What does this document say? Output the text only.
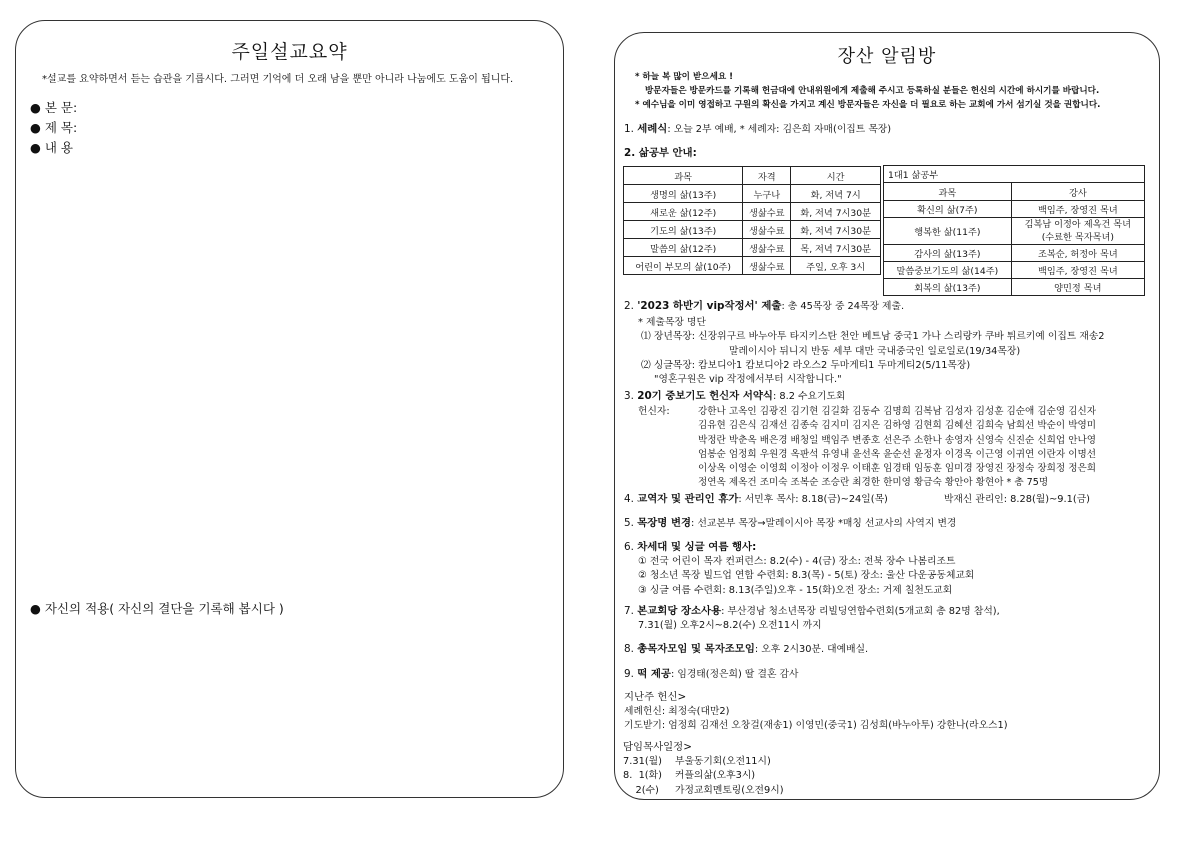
주일설교요약
*설교를 요약하면서 듣는 습관을 기릅시다. 그러면 기억에 더 오래 남을 뿐만 아니라 나눔에도 도움이 됩니다.
● 본 문:
● 제 목:
● 내 용
● 자신의 적용( 자신의 결단을 기록해 봅시다 )
장산 알림방
* 하늘 복 많이 받으세요 !
방문자들은 방문카드를 기록해 헌금대에 안내위원에게 제출해 주시고 등록하실 분들은 헌신의 시간에 하시기를 바랍니다.
* 예수님을 이미 영접하고 구원의 확신을 가지고 계신 방문자들은 자신을 더 필요로 하는 교회에 가서 섬기실 것을 권합니다.
1. 세례식: 오늘 2부 예배, * 세례자: 김은희 자매(이집트 목장)
2. 삶공부 안내:
과목	자격	시간
생명의 삶(13주)	누구나	화, 저녁 7시
새로운 삶(12주)	생삶수료	화, 저녁 7시30분
기도의 삶(13주)	생삶수료	화, 저녁 7시30분
말씀의 삶(12주)	생삶수료	목, 저녁 7시30분
어린이 부모의 삶(10주)	생삶수료	주일, 오후 3시
1대1 삶공부	
과목	강사
확신의 삶(7주)	백임주, 장영진 목녀
행복한 삶(11주)	김복남 이정아 제옥건 목녀
(수료한 목자목녀)
감사의 삶(13주)	조복순, 허정아 목녀
말씀중보기도의 삶(14주)	백임주, 장영진 목녀
회복의 삶(13주)	양민정 목녀
2. '2023 하반기 vip작정서' 제출: 총 45목장 중 24목장 제출.
* 제출목장 명단
⑴ 장년목장: 신장위구르 바누아투 타지키스탄 천안 베트남 중국1 가나 스리랑카 쿠바 튀르키예 이집트 재송2
말레이시아 뒤니지 반동 세부 대만 국내중국인 일로일로(19/34목장)
⑵ 싱글목장: 캄보디아1 캄보디아2 라오스2 두마게티1 두마게티2(5/11목장)
"영혼구원은 vip 작정에서부터 시작합니다."
3. 20기 중보기도 헌신자 서약식: 8.2 수요기도회
헌신자:	강한나 고옥인 김광진 김기현 김길화 김동수 김명희 김복남 김성자 김성훈 김순애 김순영 김신자
김유현 김은식 김재선 김종숙 김지미 김지은 김하영 김현희 김혜선 김희숙 남희선 박순이 박영미
박정란 박춘옥 배은경 배청일 백임주 변종호 선은주 소한나 송영자 신영숙 신진순 신희업 안나영
엄봉순 엄정희 우원경 옥판석 유영내 윤선옥 윤순선 윤정자 이경옥 이근영 이귀연 이란자 이명선
이상옥 이영순 이영희 이정아 이정우 이태훈 임경태 임동훈 임미경 장영진 장정숙 장희정 정은희
정연옥 제옥건 조미숙 조복순 조승란 최경한 한미영 황금숙 황안아 황현아 * 총 75명
4. 교역자 및 관리인 휴가: 서민후 목사: 8.18(금)~24일(목)	박재신 관리인: 8.28(월)~9.1(금)
5. 목장명 변경: 선교본부 목장→말레이시아 목장 *매칭 선교사의 사역지 변경
6. 차세대 및 싱글 여름 행사:
① 전국 어린이 목자 컨퍼런스: 8.2(수) - 4(금) 장소: 전북 장수 나봄리조트
② 청소년 목장 빌드업 연합 수련회: 8.3(목) - 5(토) 장소: 울산 다운공동체교회
③ 싱글 여름 수련회: 8.13(주일)오후 - 15(화)오전 장소: 거제 칠천도교회
7. 본교회당 장소사용: 부산경남 청소년목장 리빌딩연합수련회(5개교회 총 82명 참석),
7.31(월) 오후2시~8.2(수) 오전11시 까지
8. 총목자모임 및 목자조모임: 오후 2시30분. 대예배실.
9. 떡 제공: 임경태(정은희) 딸 결혼 감사
지난주 헌신>
세례헌신: 최정숙(대만2)
기도받기: 엄정희 김재선 오창걸(재송1) 이영민(중국1) 김성희(바누아투) 강한나(라오스1)
담임목사일정>
7.31(월)	부울동기회(오전11시)
8.  1(화)	커플의삶(오후3시)
2(수)	가정교회멘토링(오전9시)
